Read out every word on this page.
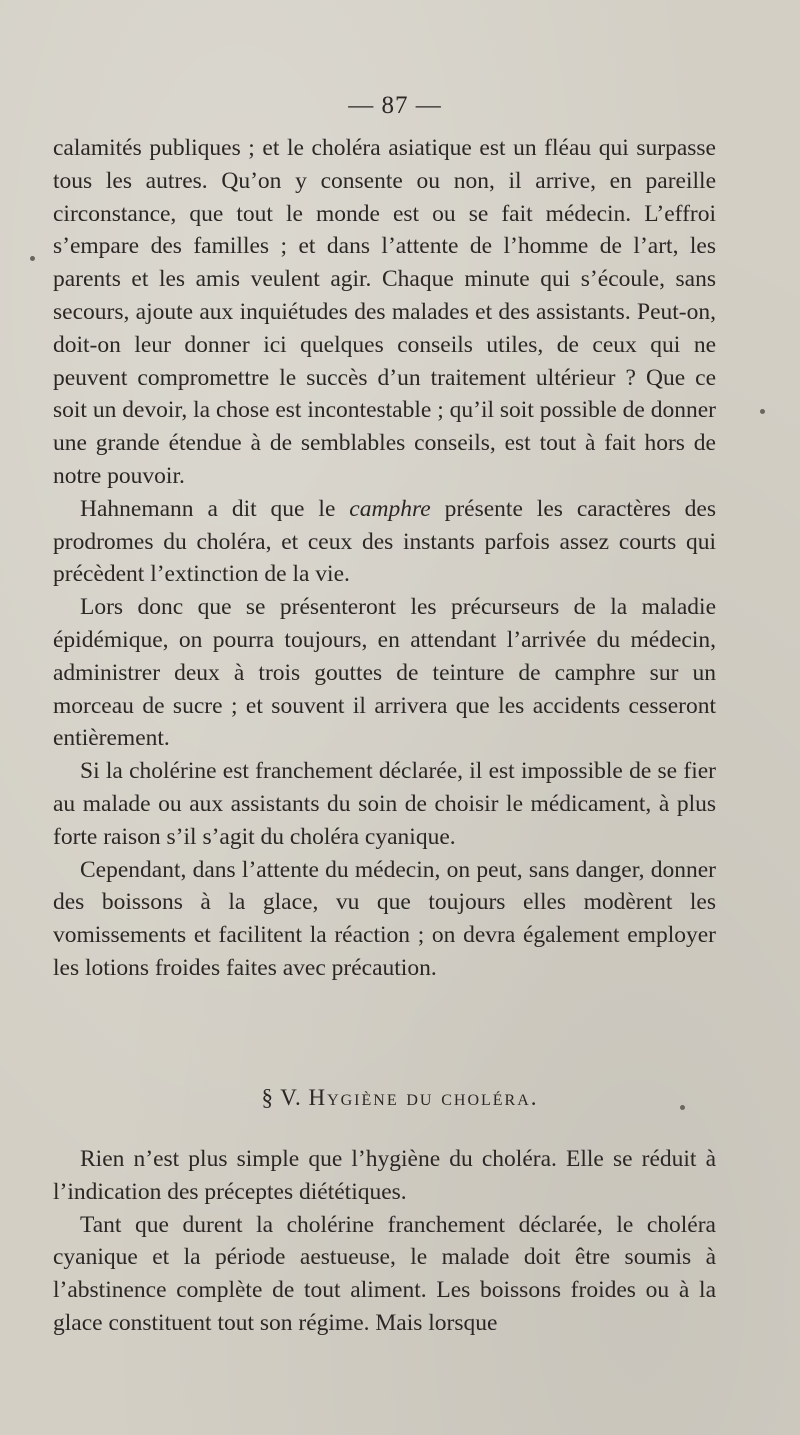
— 87 —

calamités publiques ; et le choléra asiatique est un fléau qui surpasse tous les autres. Qu’on y consente ou non, il arrive, en pareille circonstance, que tout le monde est ou se fait médecin. L’effroi s’empare des familles ; et dans l’attente de l’homme de l’art, les parents et les amis veulent agir. Chaque minute qui s’écoule, sans secours, ajoute aux inquiétudes des malades et des assistants. Peut-on, doit-on leur donner ici quelques conseils utiles, de ceux qui ne peuvent compromettre le succès d’un traitement ultérieur ? Que ce soit un devoir, la chose est incontestable ; qu’il soit possible de donner une grande étendue à de semblables conseils, est tout à fait hors de notre pouvoir.

Hahnemann a dit que le camphre présente les caractères des prodromes du choléra, et ceux des instants parfois assez courts qui précèdent l’extinction de la vie.

Lors donc que se présenteront les précurseurs de la maladie épidémique, on pourra toujours, en attendant l’arrivée du médecin, administrer deux à trois gouttes de teinture de camphre sur un morceau de sucre ; et souvent il arrivera que les accidents cesseront entièrement.

Si la cholérine est franchement déclarée, il est impossible de se fier au malade ou aux assistants du soin de choisir le médicament, à plus forte raison s’il s’agit du choléra cyanique.

Cependant, dans l’attente du médecin, on peut, sans danger, donner des boissons à la glace, vu que toujours elles modèrent les vomissements et facilitent la réaction ; on devra également employer les lotions froides faites avec précaution.

§ V. Hygiène du choléra.

Rien n’est plus simple que l’hygiène du choléra. Elle se réduit à l’indication des préceptes diététiques.

Tant que durent la cholérine franchement déclarée, le choléra cyanique et la période aestueuse, le malade doit être soumis à l’abstinence complète de tout aliment. Les boissons froides ou à la glace constituent tout son régime. Mais lorsque
